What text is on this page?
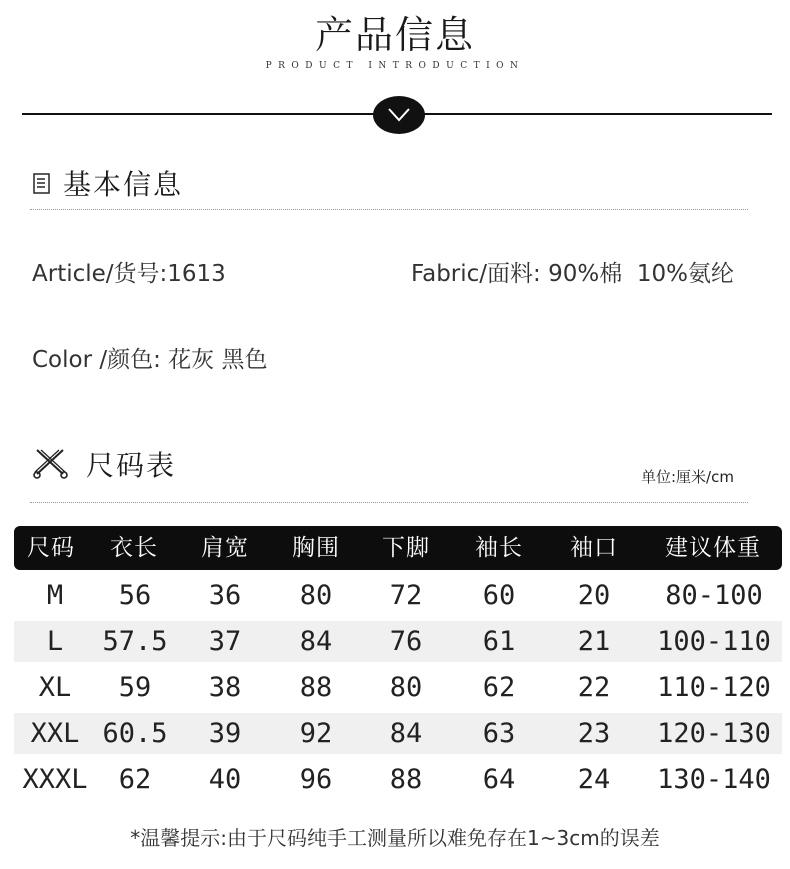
产品信息
PRODUCT INTRODUCTION
基本信息
Article/货号:1613	Fabric/面料: 90%棉  10%氨纶
Color /颜色: 花灰 黑色
尺码表	单位:厘米/cm
尺码	衣长	肩宽	胸围	下脚	袖长	袖口	建议体重
M	56	36	80	72	60	20	80-100
L	57.5	37	84	76	61	21	100-110
XL	59	38	88	80	62	22	110-120
XXL 60.5	39	92	84	63	23	120-130
XXXL	62	40	96	88	64	24	130-140
*温馨提示:由于尺码纯手工测量所以难免存在1~3cm的误差
